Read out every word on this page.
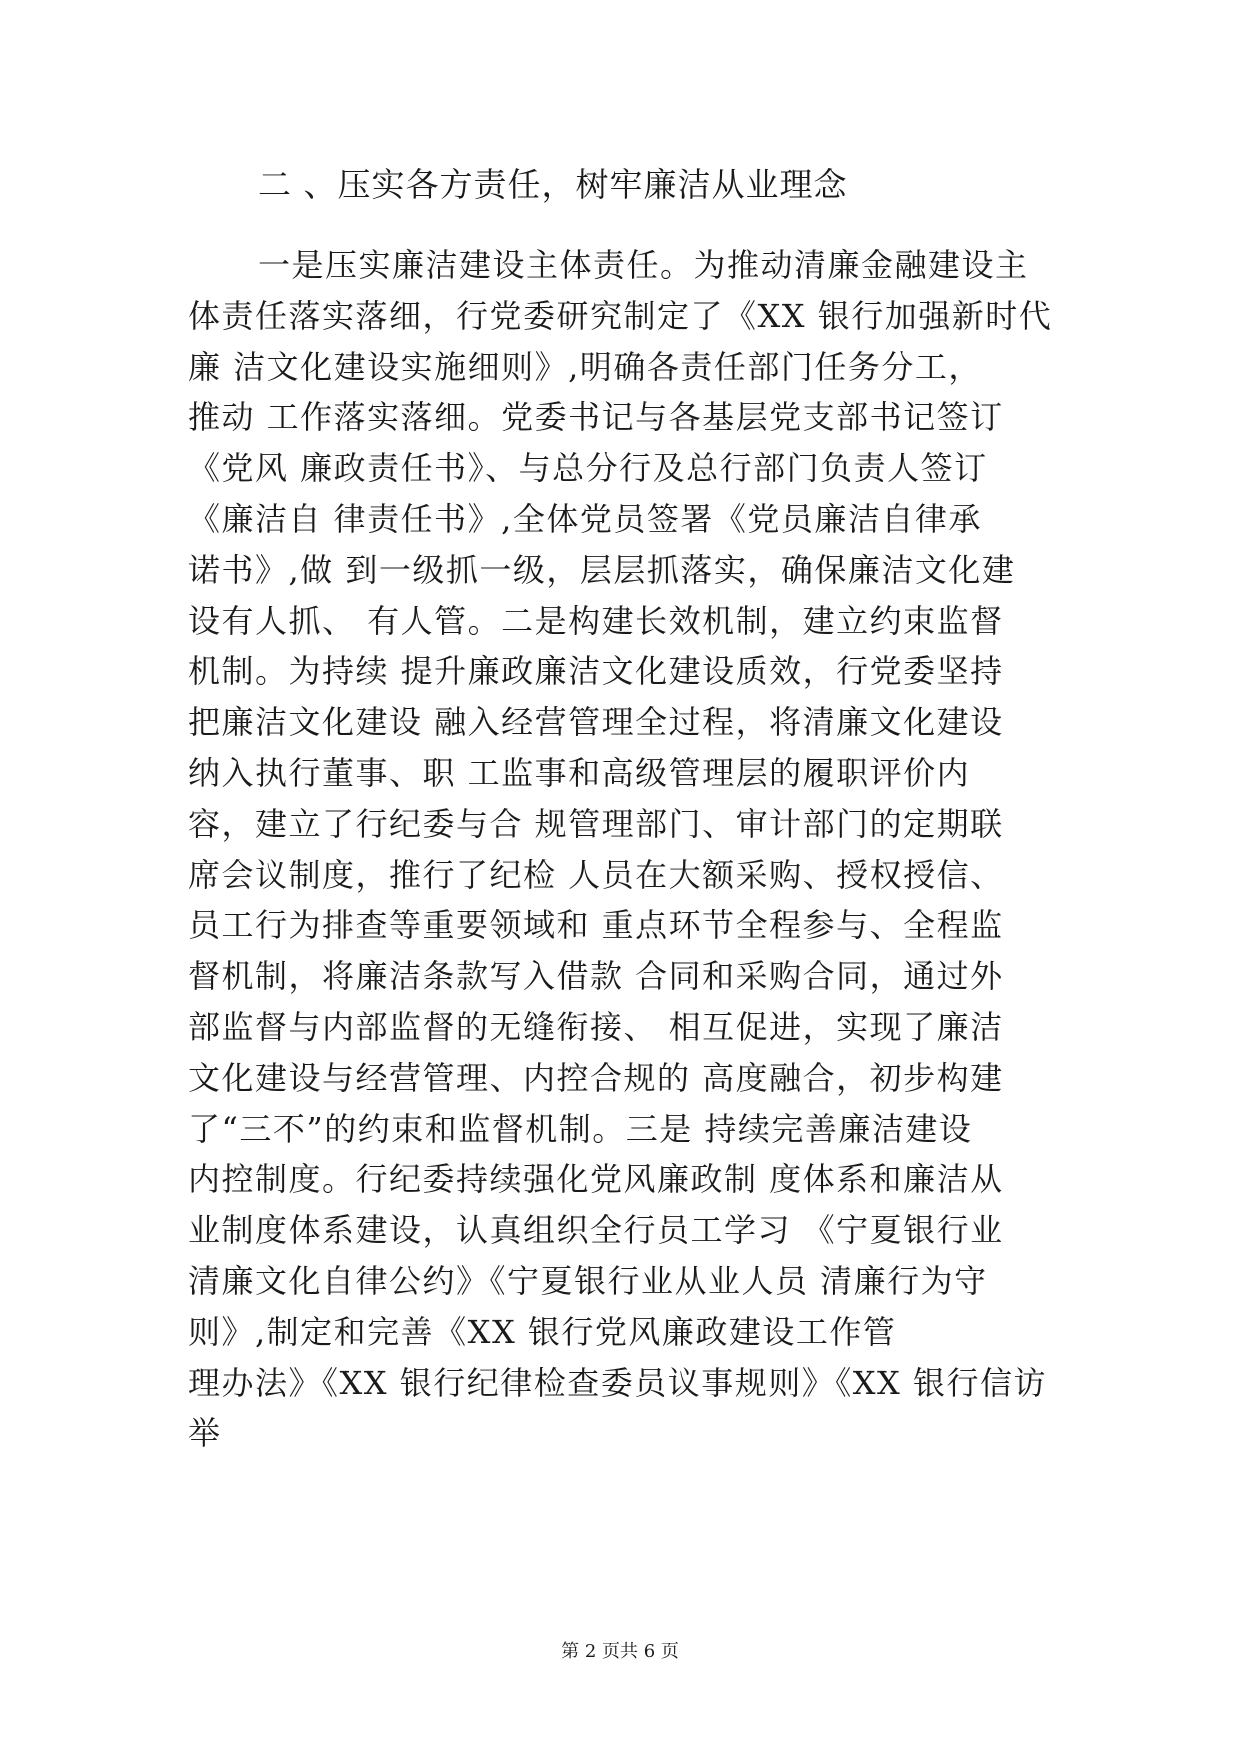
二 、压实各方责任，树牢廉洁从业理念
一是压实廉洁建设主体责任。为推动清廉金融建设主
体责任落实落细，行党委研究制定了《XX 银行加强新时代
廉 洁文化建设实施细则》,明确各责任部门任务分工，
推动 工作落实落细。党委书记与各基层党支部书记签订
《党风 廉政责任书》、与总分行及总行部门负责人签订
《廉洁自 律责任书》,全体党员签署《党员廉洁自律承
诺书》,做 到一级抓一级，层层抓落实，确保廉洁文化建
设有人抓、 有人管。二是构建长效机制，建立约束监督
机制。为持续 提升廉政廉洁文化建设质效，行党委坚持
把廉洁文化建设 融入经营管理全过程，将清廉文化建设
纳入执行董事、职 工监事和高级管理层的履职评价内
容，建立了行纪委与合 规管理部门、审计部门的定期联
席会议制度，推行了纪检 人员在大额采购、授权授信、
员工行为排查等重要领域和 重点环节全程参与、全程监
督机制，将廉洁条款写入借款 合同和采购合同，通过外
部监督与内部监督的无缝衔接、 相互促进，实现了廉洁
文化建设与经营管理、内控合规的 高度融合，初步构建
了“三不”的约束和监督机制。三是 持续完善廉洁建设
内控制度。行纪委持续强化党风廉政制 度体系和廉洁从
业制度体系建设，认真组织全行员工学习 《宁夏银行业
清廉文化自律公约》《宁夏银行业从业人员 清廉行为守
则》,制定和完善《XX 银行党风廉政建设工作管
理办法》《XX 银行纪律检查委员议事规则》《XX 银行信访
举
第 2 页共 6 页
